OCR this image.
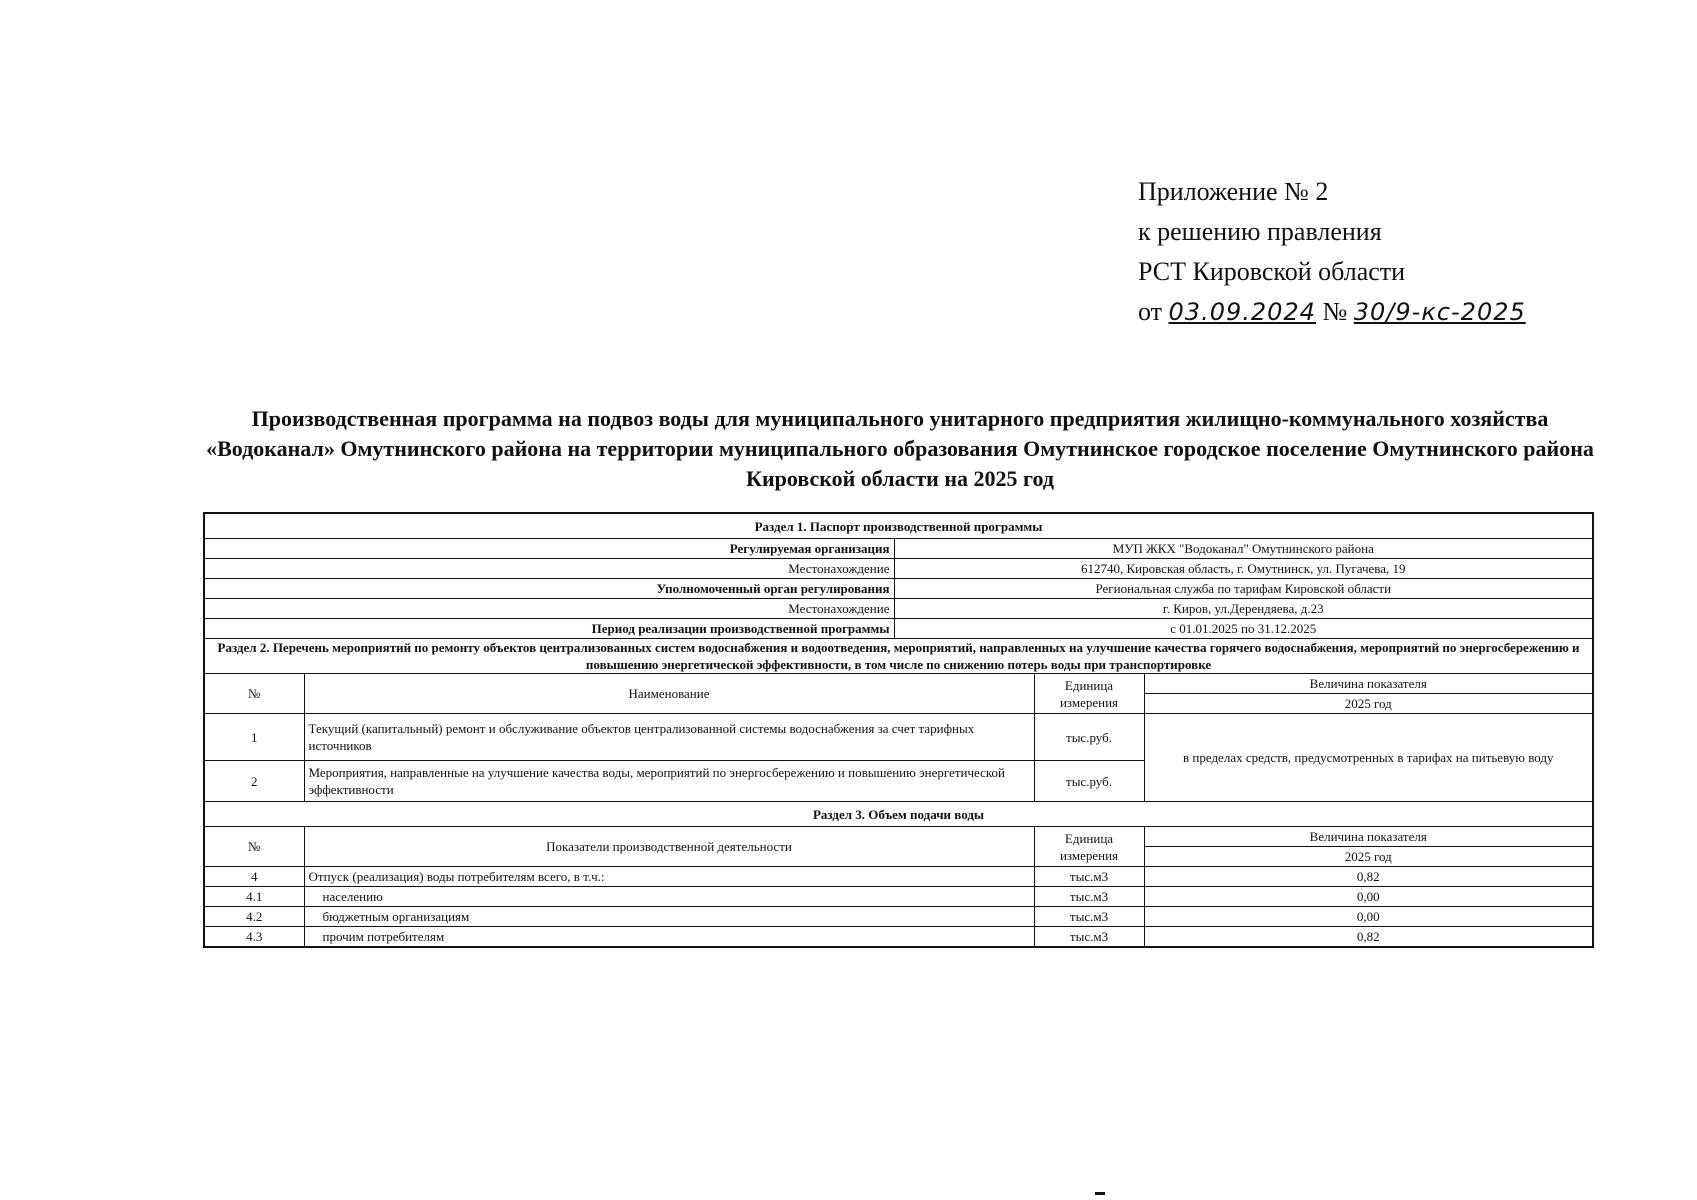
Приложение № 2
к решению правления
РСТ Кировской области
от 03.09.2024 № 30/9-кс-2025
Производственная программа на подвоз воды для муниципального унитарного предприятия жилищно-коммунального хозяйства «Водоканал» Омутнинского района на территории муниципального образования Омутнинское городское поселение Омутнинского района Кировской области на 2025 год
Раздел 1. Паспорт производственной программы				
Регулируемая организация		МУП ЖКХ "Водоканал" Омутнинского района		
Местонахождение		612740, Кировская область, г. Омутнинск, ул. Пугачева, 19		
Уполномоченный орган регулирования		Региональная служба по тарифам Кировской области		
Местонахождение		г. Киров, ул.Дерендяева, д.23		
Период реализации производственной программы		с 01.01.2025 по 31.12.2025		
Раздел 2. Перечень мероприятий по ремонту объектов централизованных систем водоснабжения и водоотведения, мероприятий, направленных на улучшение качества горячего водоснабжения, мероприятий по энергосбережению и повышению энергетической эффективности, в том числе по снижению потерь воды при транспортировке				
№	Наименование		Единица измерения	Величина показателя
				2025 год
1	Текущий (капитальный) ремонт и обслуживание объектов централизованной системы водоснабжения за счет тарифных источников		тыс.руб.	в пределах средств, предусмотренных в тарифах на питьевую воду
2	Мероприятия, направленные на улучшение качества воды, мероприятий по энергосбережению и повышению энергетической эффективности		тыс.руб.	
Раздел 3. Объем подачи воды				
№	Показатели производственной деятельности		Единица измерения	Величина показателя
				2025 год
4	Отпуск (реализация) воды потребителям всего, в т.ч.:		тыс.м3	0,82
4.1	населению		тыс.м3	0,00
4.2	бюджетным организациям		тыс.м3	0,00
4.3	прочим потребителям		тыс.м3	0,82
